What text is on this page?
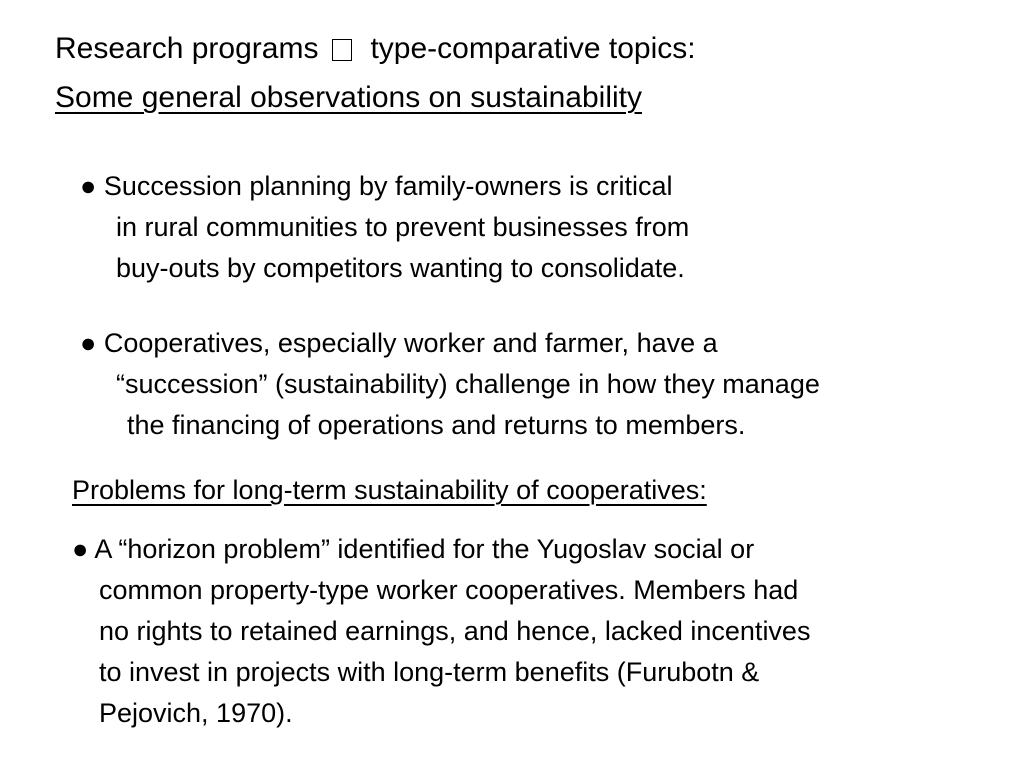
Research programs type-comparative topics:
Some general observations on sustainability
● Succession planning by family-owners is critical
in rural communities to prevent businesses from
buy-outs by competitors wanting to consolidate.
● Cooperatives, especially worker and farmer, have a
“succession” (sustainability) challenge in how they manage
the financing of operations and returns to members.
Problems for long-term sustainability of cooperatives:
● A “horizon problem” identified for the Yugoslav social or
common property-type worker cooperatives. Members had
no rights to retained earnings, and hence, lacked incentives
to invest in projects with long-term benefits (Furubotn &
Pejovich, 1970).
